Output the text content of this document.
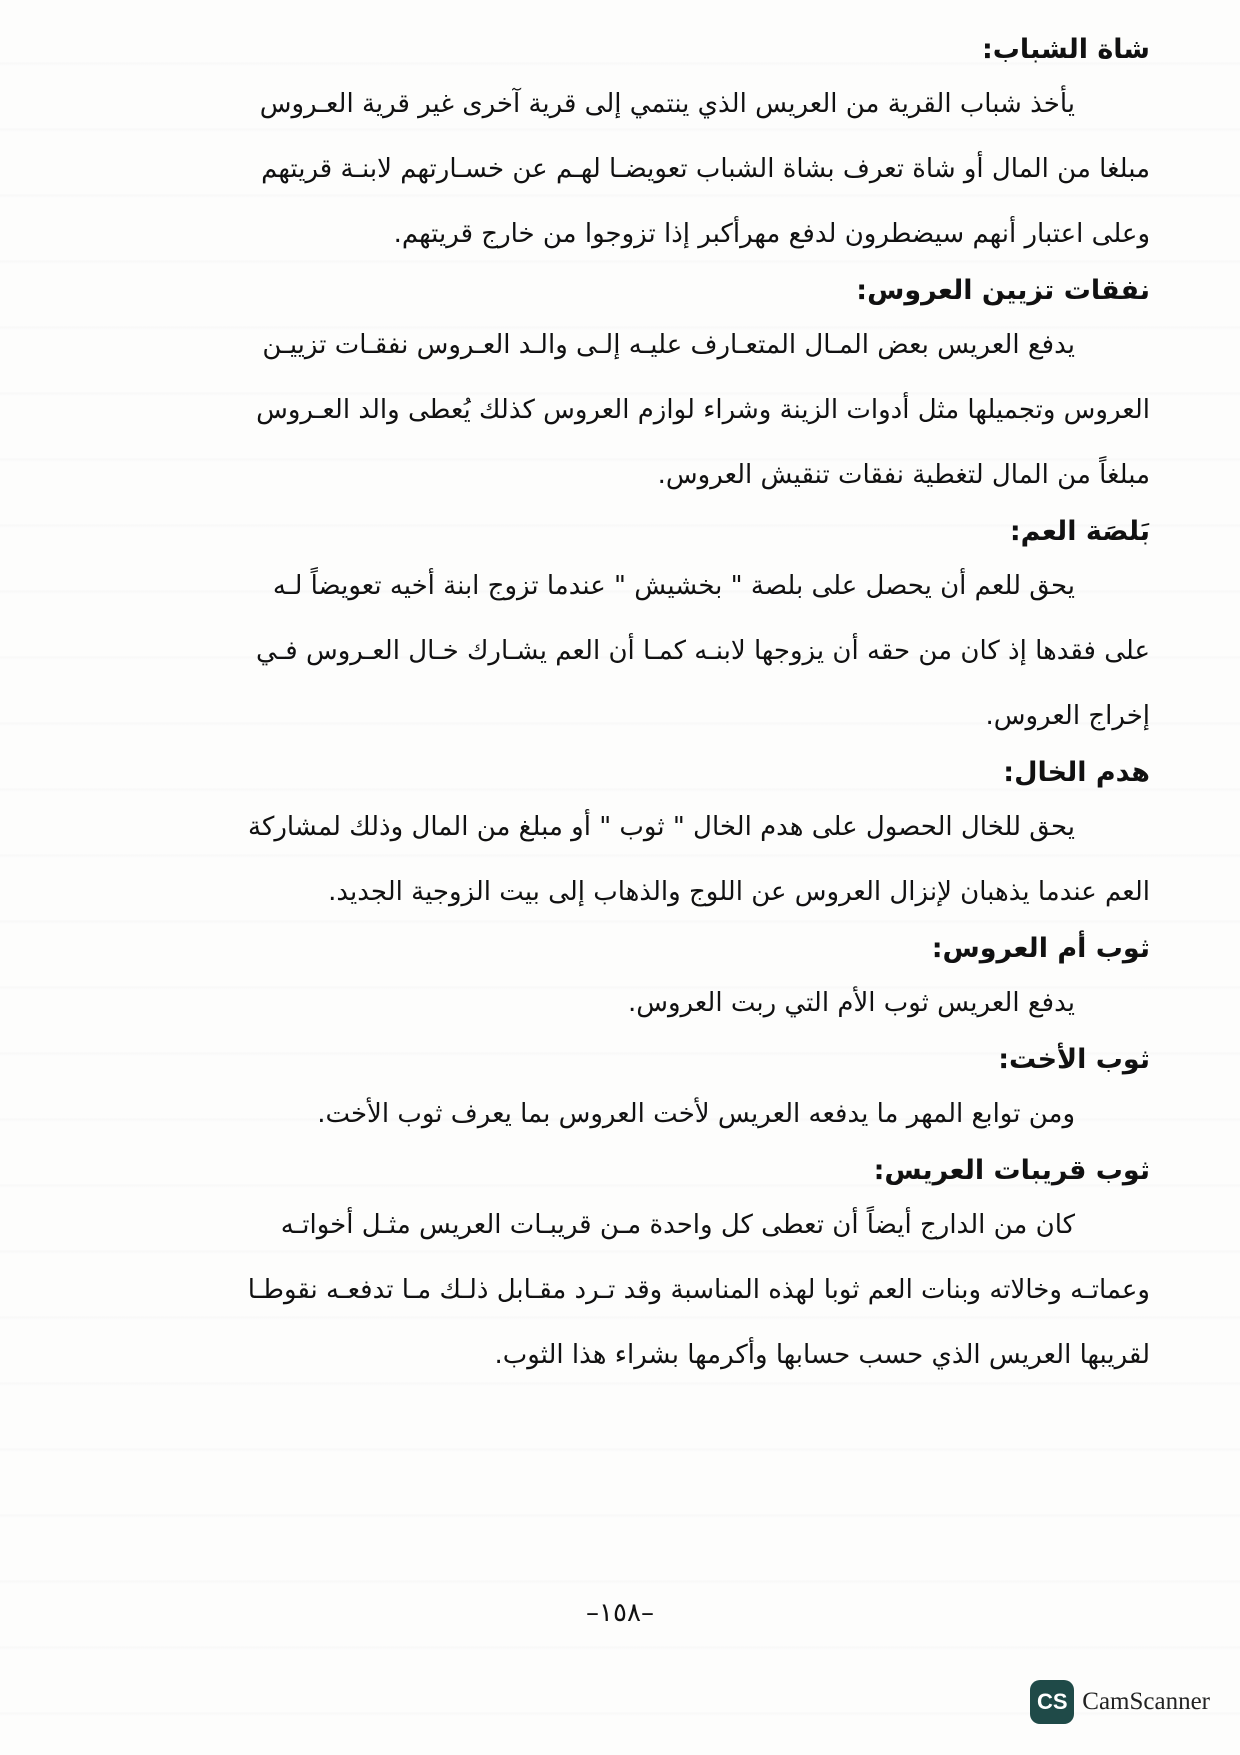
شاة الشباب:

يأخذ شباب القرية من العريس الذي ينتمي إلى قرية آخرى غير قرية العـروس
مبلغا من المال أو شاة تعرف بشاة الشباب تعويضـا لهـم عن خسـارتهم لابنـة قريتهم
وعلى اعتبار أنهم سيضطرون لدفع مهرأكبر إذا تزوجوا من خارج قريتهم.

نفقات تزيين العروس:

يدفع العريس بعض المـال المتعـارف عليـه إلـى والـد العـروس نفقـات تزييـن
العروس وتجميلها مثل أدوات الزينة وشراء لوازم العروس كذلك يُعطى والد العـروس
مبلغاً من المال لتغطية نفقات تنقيش العروس.

بَلصَة العم:

يحق للعم أن يحصل على بلصة " بخشيش " عندما تزوج ابنة أخيه تعويضاً لـه
على فقدها إذ كان من حقه أن يزوجها لابنـه كمـا أن العم يشـارك خـال العـروس فـي
إخراج العروس.

هدم الخال:

يحق للخال الحصول على هدم الخال " ثوب " أو مبلغ من المال وذلك لمشاركة
العم عندما يذهبان لإنزال العروس عن اللوج والذهاب إلى بيت الزوجية الجديد.

ثوب أم العروس:

يدفع العريس ثوب الأم التي ربت العروس.

ثوب الأخت:

ومن توابع المهر ما يدفعه العريس لأخت العروس بما يعرف ثوب الأخت.

ثوب قريبات العريس:

كان من الدارج أيضاً أن تعطى كل واحدة مـن قريبـات العريس مثـل أخواتـه
وعماتـه وخالاته وبنات العم ثوبا لهذه المناسبة وقد تـرد مقـابل ذلـك مـا تدفعـه نقوطـا
لقريبها العريس الذي حسب حسابها وأكرمها بشراء هذا الثوب.

–١٥٨–
CS CamScanner
